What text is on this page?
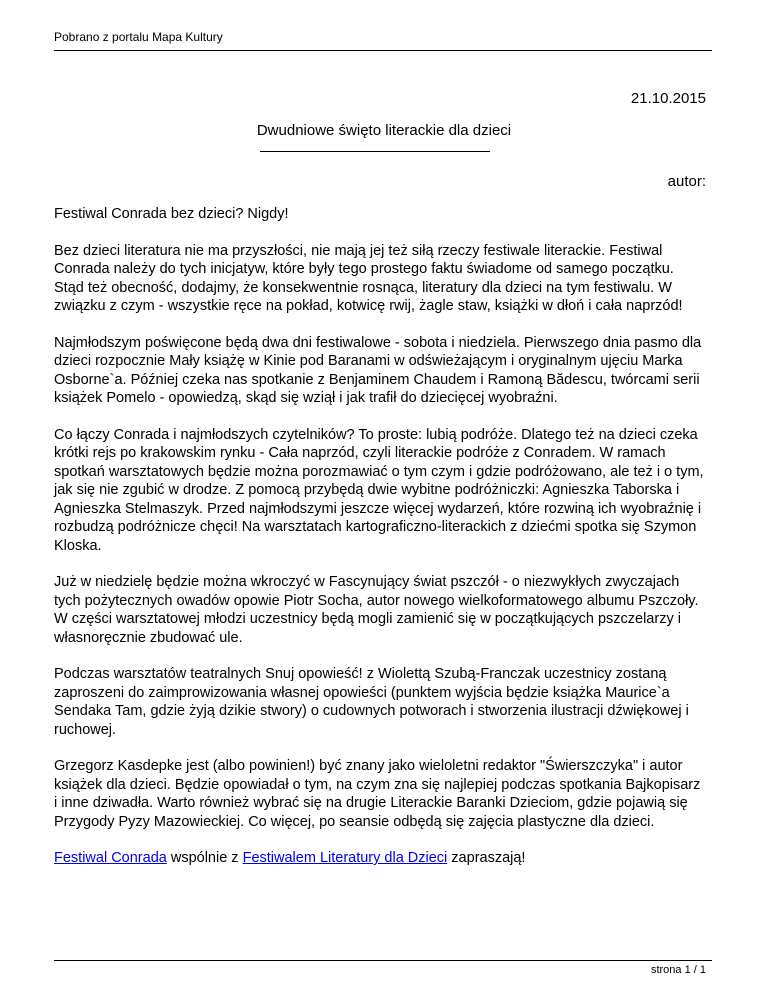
Pobrano z portalu Mapa Kultury
21.10.2015
Dwudniowe święto literackie dla dzieci
autor:

Festiwal Conrada bez dzieci? Nigdy!

Bez dzieci literatura nie ma przyszłości, nie mają jej też siłą rzeczy festiwale literackie. Festiwal Conrada należy do tych inicjatyw, które były tego prostego faktu świadome od samego początku. Stąd też obecność, dodajmy, że konsekwentnie rosnąca, literatury dla dzieci na tym festiwalu. W związku z czym - wszystkie ręce na pokład, kotwicę rwij, żagle staw, książki w dłoń i cała naprzód!

Najmłodszym poświęcone będą dwa dni festiwalowe - sobota i niedziela. Pierwszego dnia pasmo dla dzieci rozpocznie Mały książę w Kinie pod Baranami w odświeżającym i oryginalnym ujęciu Marka Osborne`a. Później czeka nas spotkanie z Benjaminem Chaudem i Ramoną Bădescu, twórcami serii książek Pomelo - opowiedzą, skąd się wziął i jak trafił do dziecięcej wyobraźni.

Co łączy Conrada i najmłodszych czytelników? To proste: lubią podróże. Dlatego też na dzieci czeka krótki rejs po krakowskim rynku - Cała naprzód, czyli literackie podróże z Conradem. W ramach spotkań warsztatowych będzie można porozmawiać o tym czym i gdzie podróżowano, ale też i o tym, jak się nie zgubić w drodze. Z pomocą przybędą dwie wybitne podróżniczki: Agnieszka Taborska i Agnieszka Stelmaszyk. Przed najmłodszymi jeszcze więcej wydarzeń, które rozwiną ich wyobraźnię i rozbudzą podróżnicze chęci! Na warsztatach kartograficzno-literackich z dziećmi spotka się Szymon Kloska.

Już w niedzielę będzie można wkroczyć w Fascynujący świat pszczół - o niezwykłych zwyczajach tych pożytecznych owadów opowie Piotr Socha, autor nowego wielkoformatowego albumu Pszczoły. W części warsztatowej młodzi uczestnicy będą mogli zamienić się w początkujących pszczelarzy i własnoręcznie zbudować ule.

Podczas warsztatów teatralnych Snuj opowieść! z Wiolettą Szubą-Franczak uczestnicy zostaną zaproszeni do zaimprowizowania własnej opowieści (punktem wyjścia będzie książka Maurice`a Sendaka Tam, gdzie żyją dzikie stwory) o cudownych potworach i stworzenia ilustracji dźwiękowej i ruchowej.

Grzegorz Kasdepke jest (albo powinien!) być znany jako wieloletni redaktor "Świerszczyka" i autor książek dla dzieci. Będzie opowiadał o tym, na czym zna się najlepiej podczas spotkania Bajkopisarz i inne dziwadła. Warto również wybrać się na drugie Literackie Baranki Dzieciom, gdzie pojawią się Przygody Pyzy Mazowieckiej. Co więcej, po seansie odbędą się zajęcia plastyczne dla dzieci.

Festiwal Conrada wspólnie z Festiwalem Literatury dla Dzieci zapraszają!

strona 1 / 1
